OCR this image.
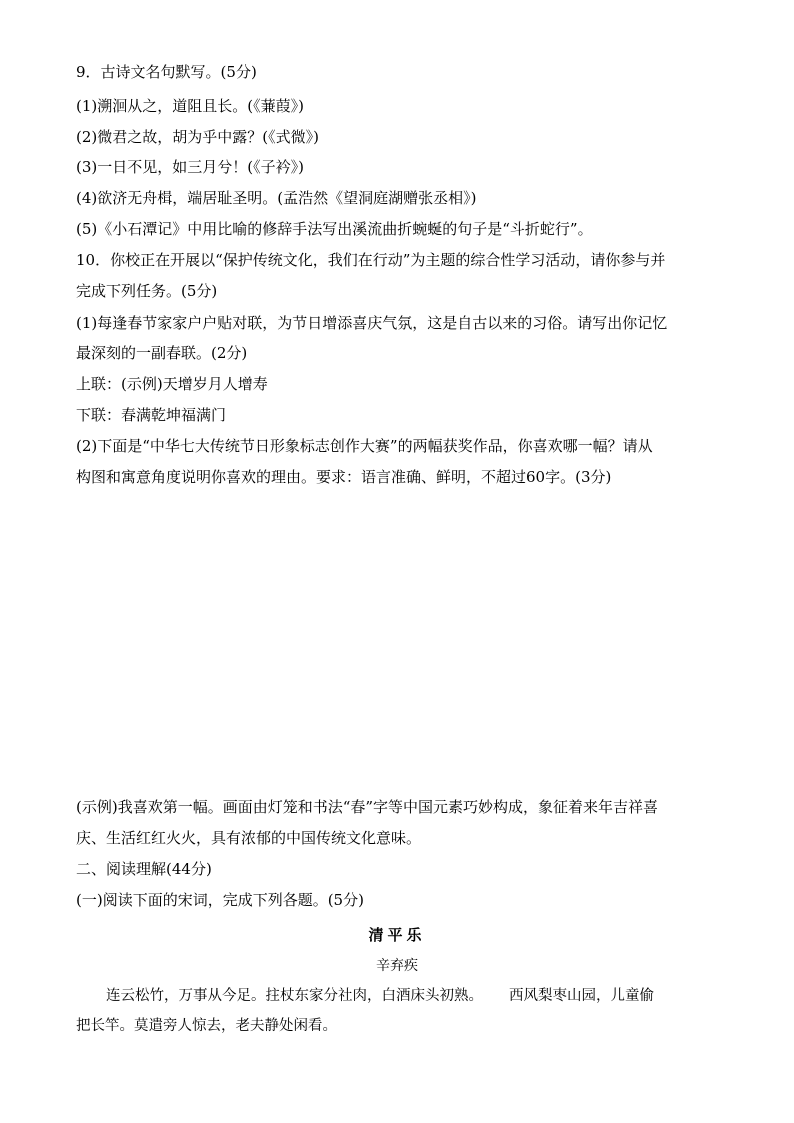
9．古诗文名句默写。(5分)
(1)溯洄从之，道阻且长。(《蒹葭》)
(2)微君之故，胡为乎中露？(《式微》)
(3)一日不见，如三月兮！(《子衿》)
(4)欲济无舟楫，端居耻圣明。(孟浩然《望洞庭湖赠张丞相》)
(5)《小石潭记》中用比喻的修辞手法写出溪流曲折蜿蜒的句子是“斗折蛇行”。
10．你校正在开展以“保护传统文化，我们在行动”为主题的综合性学习活动，请你参与并
完成下列任务。(5分)
(1)每逢春节家家户户贴对联，为节日增添喜庆气氛，这是自古以来的习俗。请写出你记忆
最深刻的一副春联。(2分)
上联：(示例)天增岁月人增寿
下联：春满乾坤福满门
(2)下面是“中华七大传统节日形象标志创作大赛”的两幅获奖作品，你喜欢哪一幅？请从
构图和寓意角度说明你喜欢的理由。要求：语言准确、鲜明，不超过60字。(3分)
(示例)我喜欢第一幅。画面由灯笼和书法“春”字等中国元素巧妙构成，象征着来年吉祥喜
庆、生活红红火火，具有浓郁的中国传统文化意味。
二、阅读理解(44分)
(一)阅读下面的宋词，完成下列各题。(5分)
清平乐
辛弃疾
连云松竹，万事从今足。拄杖东家分社肉，白酒床头初熟。 西风梨枣山园，儿童偷
把长竿。莫遣旁人惊去，老夫静处闲看。
